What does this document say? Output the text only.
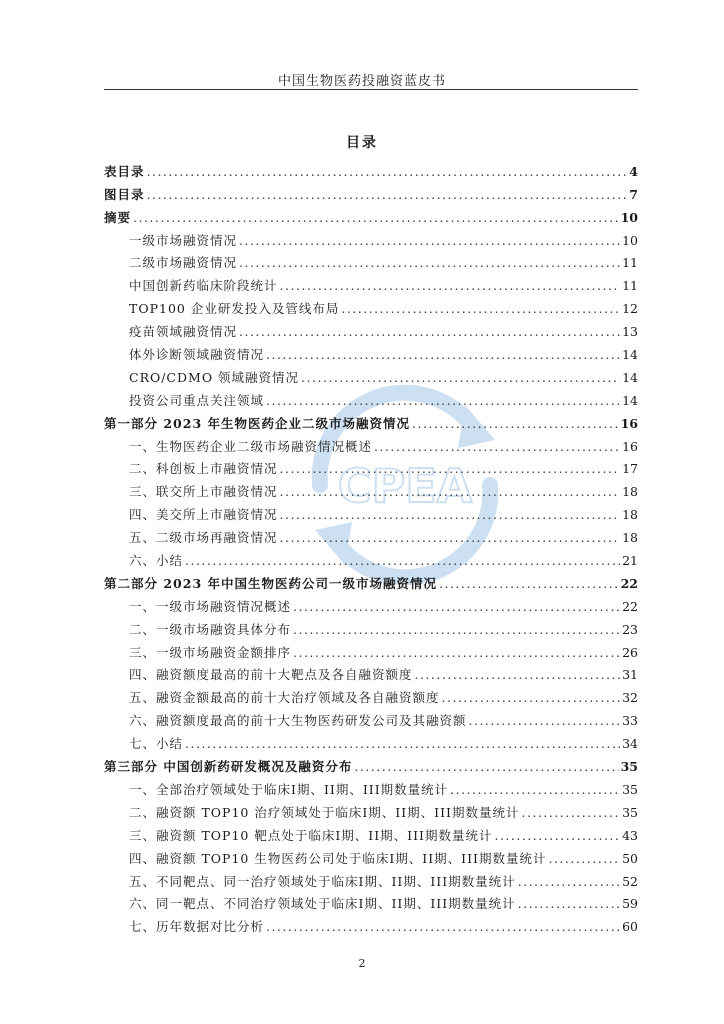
中国生物医药投融资蓝皮书
CPEA
目录
表目录 .....	4
图目录 .....	7
摘要 .....	10
一级市场融资情况 .....	10
二级市场融资情况 .....	11
中国创新药临床阶段统计 .....	11
TOP100 企业研发投入及管线布局 .....	12
疫苗领域融资情况 .....	13
体外诊断领域融资情况 .....	14
CRO/CDMO 领域融资情况 .....	14
投资公司重点关注领域 .....	14
第一部分 2023 年生物医药企业二级市场融资情况 .....	16
一、生物医药企业二级市场融资情况概述 .....	16
二、科创板上市融资情况 .....	17
三、联交所上市融资情况 .....	18
四、美交所上市融资情况 .....	18
五、二级市场再融资情况 .....	18
六、小结 .....	21
第二部分 2023 年中国生物医药公司一级市场融资情况 .....	22
一、一级市场融资情况概述 .....	22
二、一级市场融资具体分布 .....	23
三、一级市场融资金额排序 .....	26
四、融资额度最高的前十大靶点及各自融资额度 .....	31
五、融资金额最高的前十大治疗领域及各自融资额度 .....	32
六、融资额度最高的前十大生物医药研发公司及其融资额 .....	33
七、小结 .....	34
第三部分 中国创新药研发概况及融资分布 .....	35
一、全部治疗领域处于临床I期、II期、III期数量统计 .....	35
二、融资额 TOP10 治疗领域处于临床I期、II期、III期数量统计 .....	35
三、融资额 TOP10 靶点处于临床I期、II期、III期数量统计 .....	43
四、融资额 TOP10 生物医药公司处于临床I期、II期、III期数量统计 .....	50
五、不同靶点、同一治疗领域处于临床I期、II期、III期数量统计 .....	52
六、同一靶点、不同治疗领域处于临床I期、II期、III期数量统计 .....	59
七、历年数据对比分析 .....	60
2
